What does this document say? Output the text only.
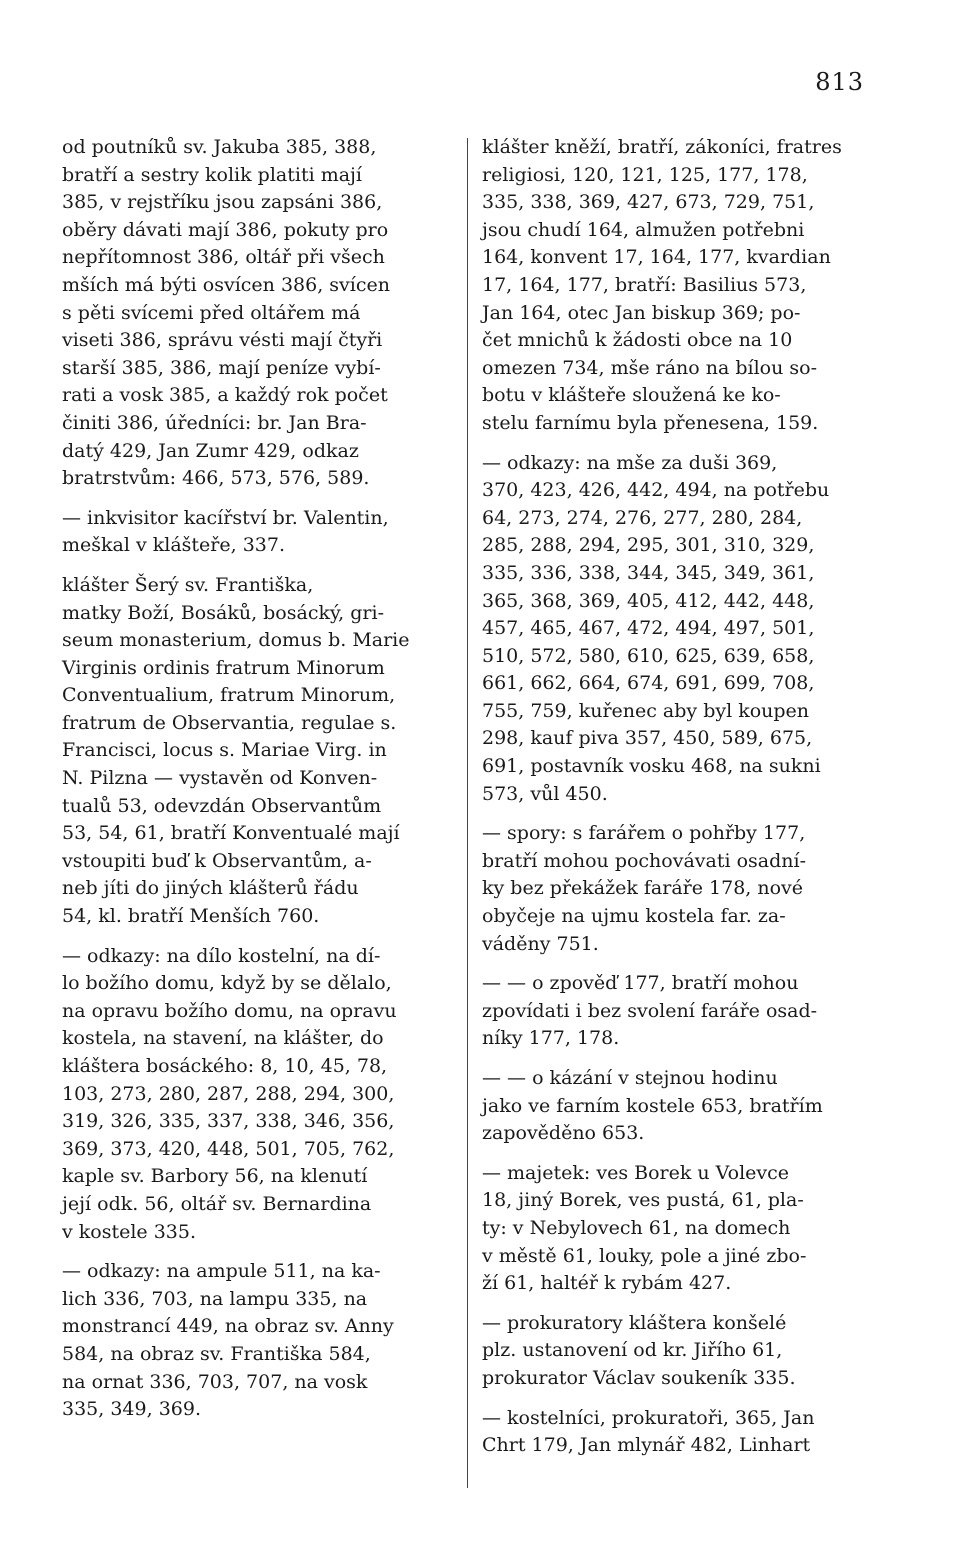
813
od poutníků sv. Jakuba 385, 388,
bratří a sestry kolik platiti mají
385, v rejstříku jsou zapsáni 386,
oběry dávati mají 386, pokuty pro
nepřítomnost 386, oltář při všech
mších má býti osvícen 386, svícen
s pěti svícemi před oltářem má
viseti 386, správu vésti mají čtyři
starší 385, 386, mají peníze vybí-
rati a vosk 385, a každý rok počet
činiti 386, úředníci: br. Jan Bra-
datý 429, Jan Zumr 429, odkaz
bratrstvům: 466, 573, 576, 589.
— inkvisitor kacířství br. Valentin,
meškal v klášteře, 337.
klášter Šerý sv. Františka,
matky Boží, Bosáků, bosácký, gri-
seum monasterium, domus b. Marie
Virginis ordinis fratrum Minorum
Conventualium, fratrum Minorum,
fratrum de Observantia, regulae s.
Francisci, locus s. Mariae Virg. in
N. Pilzna — vystavěn od Konven-
tualů 53, odevzdán Observantům
53, 54, 61, bratří Konventualé mají
vstoupiti buď k Observantům, a-
neb jíti do jiných klášterů řádu
54, kl. bratří Menších 760.
— odkazy: na dílo kostelní, na dí-
lo božího domu, když by se dělalo,
na opravu božího domu, na opravu
kostela, na stavení, na klášter, do
kláštera bosáckého: 8, 10, 45, 78,
103, 273, 280, 287, 288, 294, 300,
319, 326, 335, 337, 338, 346, 356,
369, 373, 420, 448, 501, 705, 762,
kaple sv. Barbory 56, na klenutí
její odk. 56, oltář sv. Bernardina
v kostele 335.
— odkazy: na ampule 511, na ka-
lich 336, 703, na lampu 335, na
monstrancí 449, na obraz sv. Anny
584, na obraz sv. Františka 584,
na ornat 336, 703, 707, na vosk
335, 349, 369.
klášter kněží, bratří, zákoníci, fratres
religiosi, 120, 121, 125, 177, 178,
335, 338, 369, 427, 673, 729, 751,
jsou chudí 164, almužen potřebni
164, konvent 17, 164, 177, kvardian
17, 164, 177, bratří: Basilius 573,
Jan 164, otec Jan biskup 369; po-
čet mnichů k žádosti obce na 10
omezen 734, mše ráno na bílou so-
botu v klášteře sloužená ke ko-
stelu farnímu byla přenesena, 159.
— odkazy: na mše za duši 369,
370, 423, 426, 442, 494, na potřebu
64, 273, 274, 276, 277, 280, 284,
285, 288, 294, 295, 301, 310, 329,
335, 336, 338, 344, 345, 349, 361,
365, 368, 369, 405, 412, 442, 448,
457, 465, 467, 472, 494, 497, 501,
510, 572, 580, 610, 625, 639, 658,
661, 662, 664, 674, 691, 699, 708,
755, 759, kuřenec aby byl koupen
298, kauf piva 357, 450, 589, 675,
691, postavník vosku 468, na sukni
573, vůl 450.
— spory: s farářem o pohřby 177,
bratří mohou pochovávati osadní-
ky bez překážek faráře 178, nové
obyčeje na ujmu kostela far. za-
váděny 751.
— — o zpověď 177, bratří mohou
zpovídati i bez svolení faráře osad-
níky 177, 178.
— — o kázání v stejnou hodinu
jako ve farním kostele 653, bratřím
zapověděno 653.
— majetek: ves Borek u Volevce
18, jiný Borek, ves pustá, 61, pla-
ty: v Nebylovech 61, na domech
v městě 61, louky, pole a jiné zbo-
ží 61, haltéř k rybám 427.
— prokuratory kláštera konšelé
plz. ustanovení od kr. Jiřího 61,
prokurator Václav soukeník 335.
— kostelníci, prokuratoři, 365, Jan
Chrt 179, Jan mlynář 482, Linhart
